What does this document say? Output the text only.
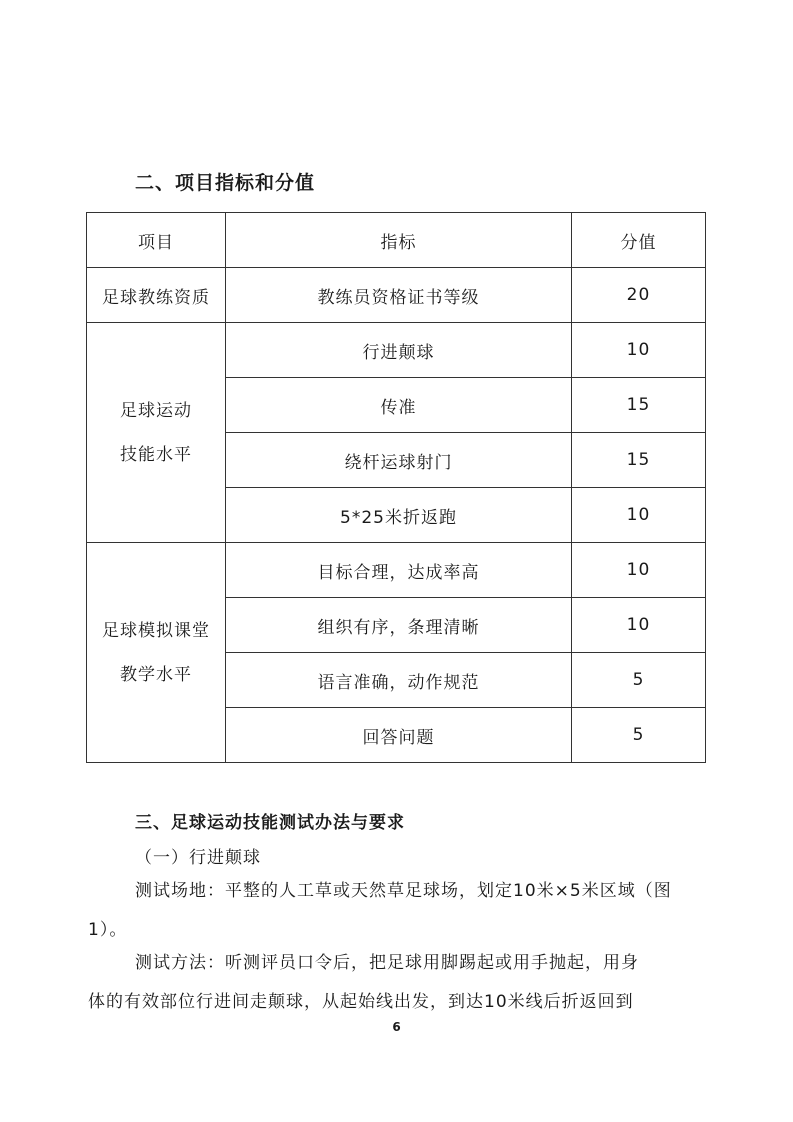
二、项目指标和分值
项目	指标	分值
足球教练资质	教练员资格证书等级	20
足球运动
技能水平	行进颠球	10
	传准	15
	绕杆运球射门	15
	5*25米折返跑	10
足球模拟课堂
教学水平	目标合理，达成率高	10
	组织有序，条理清晰	10
	语言准确，动作规范	5
	回答问题	5
三、足球运动技能测试办法与要求
（一）行进颠球

测试场地：平整的人工草或天然草足球场，划定10米×5米区域（图
1）。

测试方法：听测评员口令后，把足球用脚踢起或用手抛起，用身
体的有效部位行进间走颠球，从起始线出发，到达10米线后折返回到

6
